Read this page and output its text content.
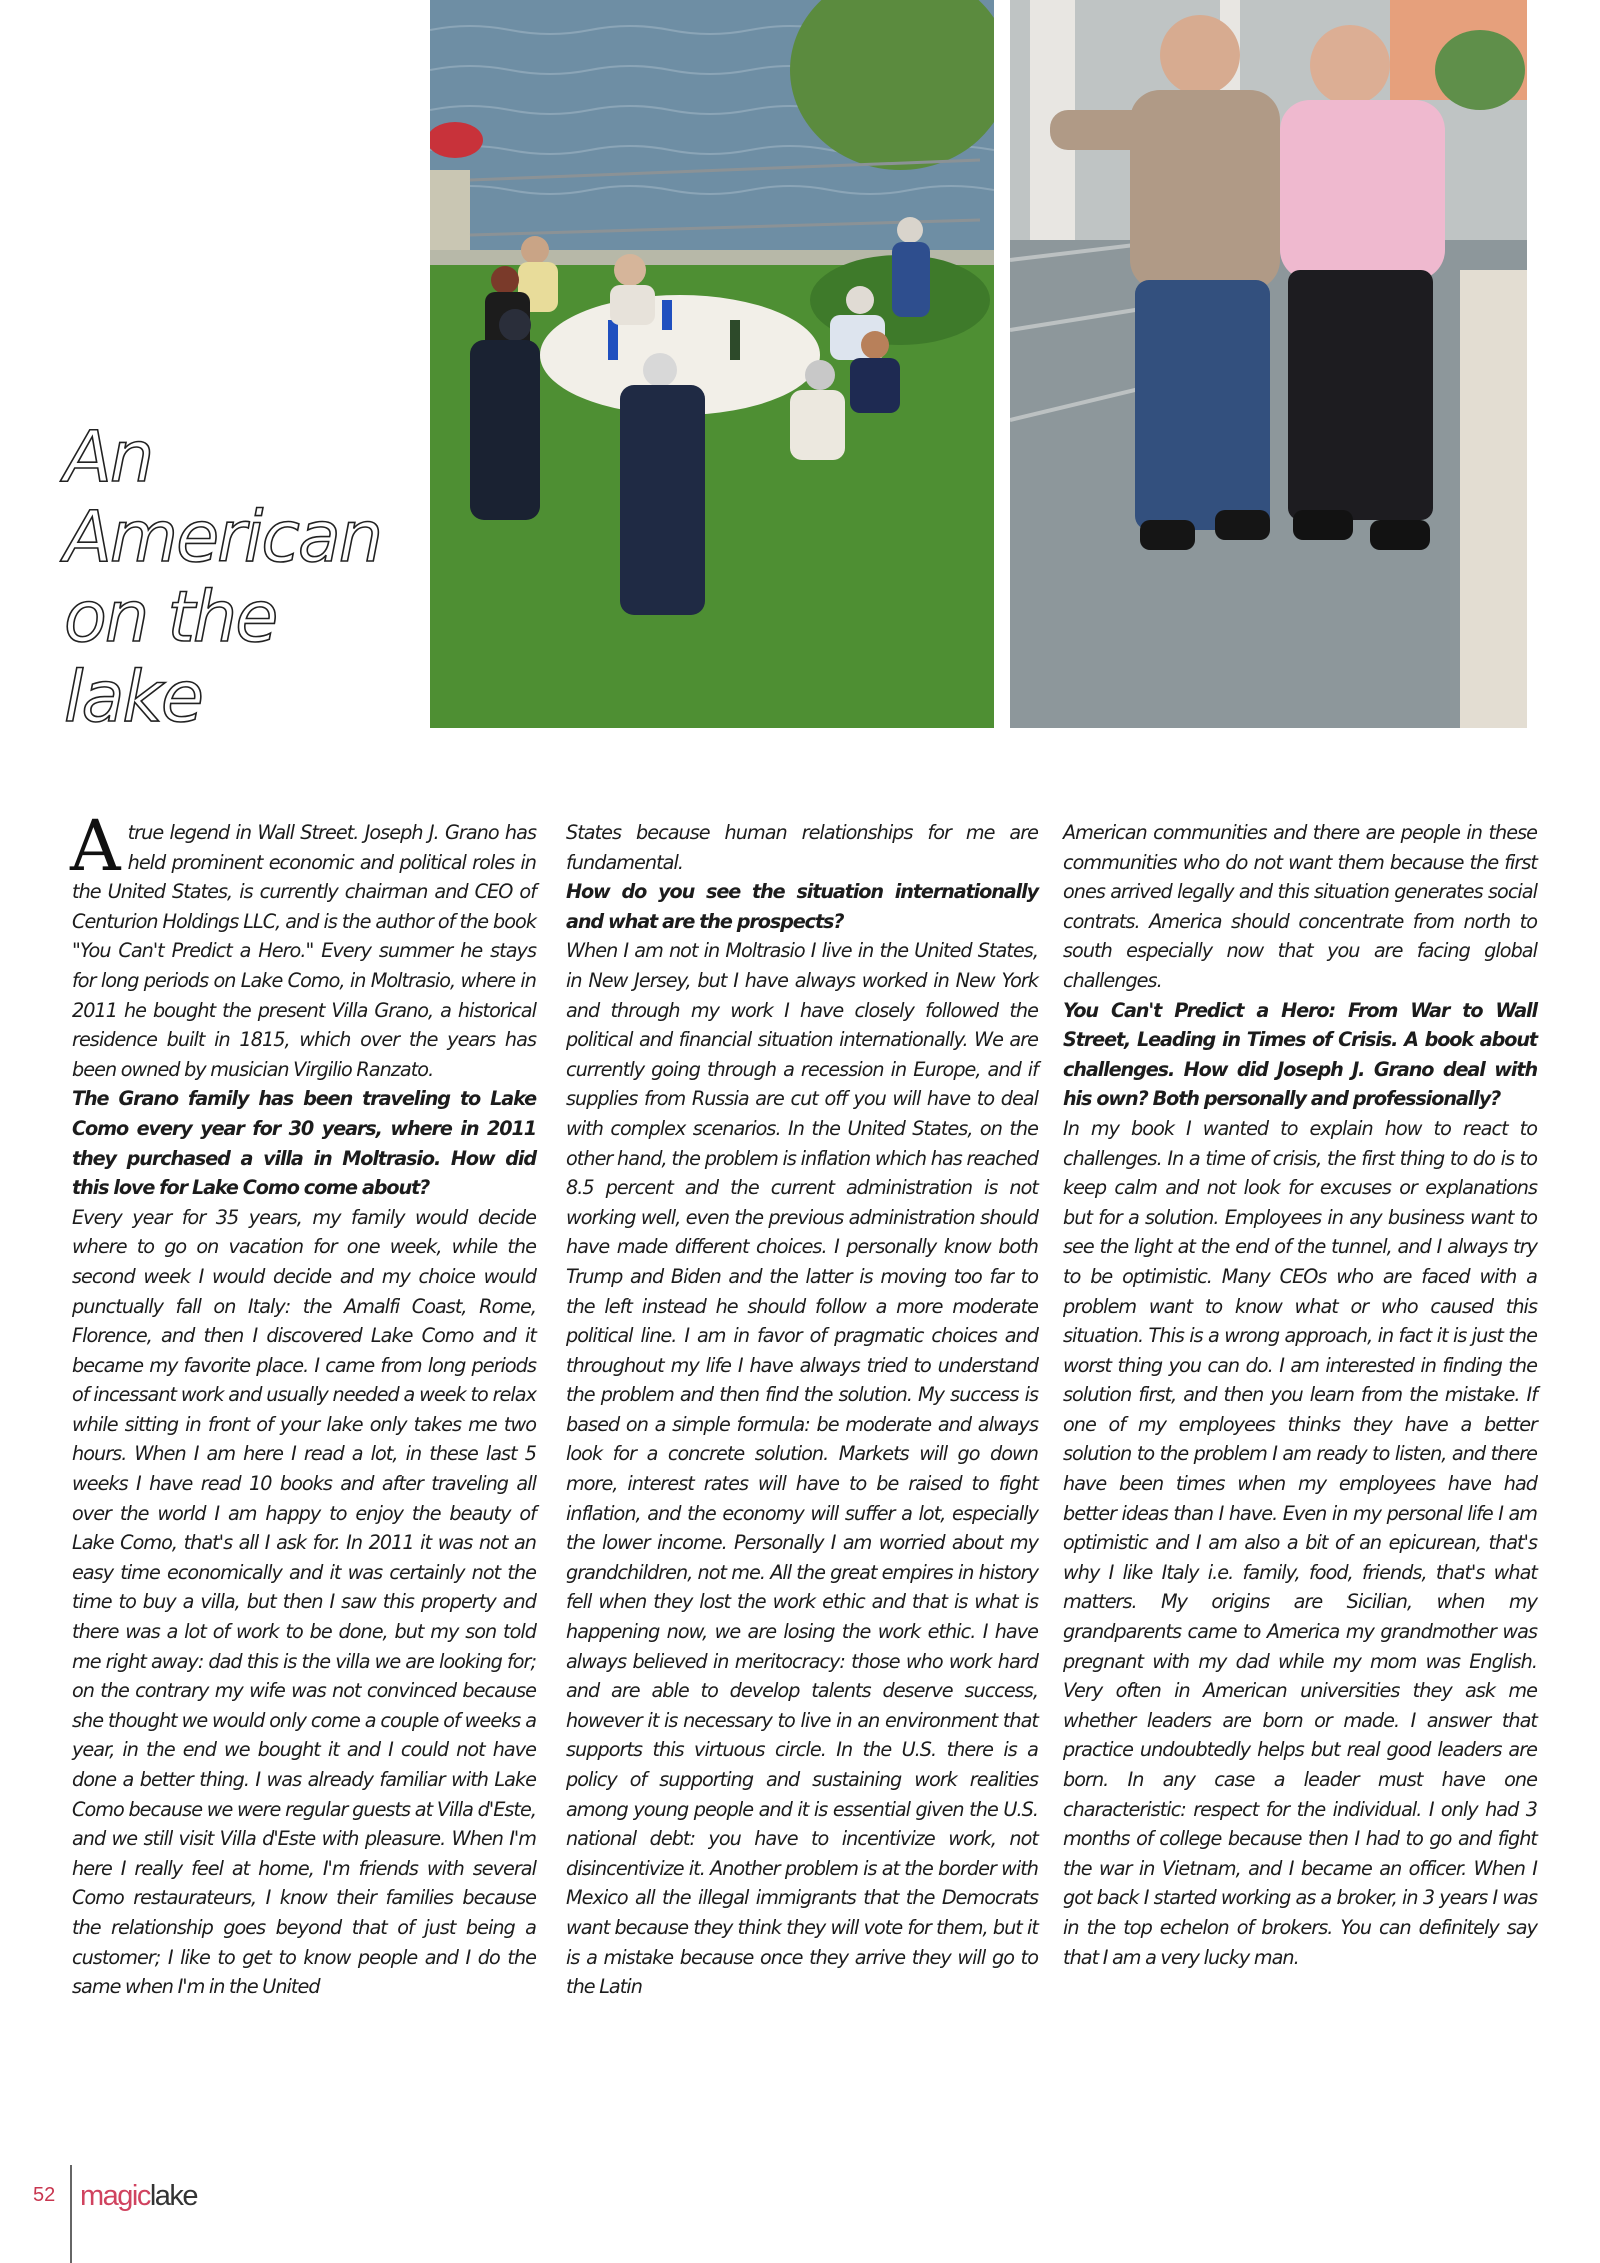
An
American
on the
lake

A true legend in Wall Street. Joseph J. Grano has held prominent economic and political roles in the United States, is currently chairman and CEO of Centurion Holdings LLC, and is the author of the book "You Can't Predict a Hero." Every summer he stays for long periods on Lake Como, in Moltrasio, where in 2011 he bought the present Villa Grano, a historical residence built in 1815, which over the years has been owned by musician Virgilio Ranzato.

The Grano family has been traveling to Lake Como every year for 30 years, where in 2011 they purchased a villa in Moltrasio. How did this love for Lake Como come about?

Every year for 35 years, my family would decide where to go on vacation for one week, while the second week I would decide and my choice would punctually fall on Italy: the Amalfi Coast, Rome, Florence, and then I discovered Lake Como and it became my favorite place. I came from long periods of incessant work and usually needed a week to relax while sitting in front of your lake only takes me two hours. When I am here I read a lot, in these last 5 weeks I have read 10 books and after traveling all over the world I am happy to enjoy the beauty of Lake Como, that's all I ask for. In 2011 it was not an easy time economically and it was certainly not the time to buy a villa, but then I saw this property and there was a lot of work to be done, but my son told me right away: dad this is the villa we are looking for; on the contrary my wife was not convinced because she thought we would only come a couple of weeks a year, in the end we bought it and I could not have done a better thing. I was already familiar with Lake Como because we were regular guests at Villa d'Este, and we still visit Villa d'Este with pleasure. When I'm here I really feel at home, I'm friends with several Como restaurateurs, I know their families because the relationship goes beyond that of just being a customer; I like to get to know people and I do the same when I'm in the United

States because human relationships for me are fundamental.

How do you see the situation internationally and what are the prospects?

When I am not in Moltrasio I live in the United States, in New Jersey, but I have always worked in New York and through my work I have closely followed the political and financial situation internationally. We are currently going through a recession in Europe, and if supplies from Russia are cut off you will have to deal with complex scenarios. In the United States, on the other hand, the problem is inflation which has reached 8.5 percent and the current administration is not working well, even the previous administration should have made different choices. I personally know both Trump and Biden and the latter is moving too far to the left instead he should follow a more moderate political line. I am in favor of pragmatic choices and throughout my life I have always tried to understand the problem and then find the solution. My success is based on a simple formula: be moderate and always look for a concrete solution. Markets will go down more, interest rates will have to be raised to fight inflation, and the economy will suffer a lot, especially the lower income. Personally I am worried about my grandchildren, not me. All the great empires in history fell when they lost the work ethic and that is what is happening now, we are losing the work ethic. I have always believed in meritocracy: those who work hard and are able to develop talents deserve success, however it is necessary to live in an environment that supports this virtuous circle. In the U.S. there is a policy of supporting and sustaining work realities among young people and it is essential given the U.S. national debt: you have to incentivize work, not disincentivize it. Another problem is at the border with Mexico all the illegal immigrants that the Democrats want because they think they will vote for them, but it is a mistake because once they arrive they will go to the Latin

American communities and there are people in these communities who do not want them because the first ones arrived legally and this situation generates social contrats. America should concentrate from north to south especially now that you are facing global challenges.

You Can't Predict a Hero: From War to Wall Street, Leading in Times of Crisis. A book about challenges. How did Joseph J. Grano deal with his own? Both personally and professionally?

In my book I wanted to explain how to react to challenges. In a time of crisis, the first thing to do is to keep calm and not look for excuses or explanations but for a solution. Employees in any business want to see the light at the end of the tunnel, and I always try to be optimistic. Many CEOs who are faced with a problem want to know what or who caused this situation. This is a wrong approach, in fact it is just the worst thing you can do. I am interested in finding the solution first, and then you learn from the mistake. If one of my employees thinks they have a better solution to the problem I am ready to listen, and there have been times when my employees have had better ideas than I have. Even in my personal life I am optimistic and I am also a bit of an epicurean, that's why I like Italy i.e. family, food, friends, that's what matters. My origins are Sicilian, when my grandparents came to America my grandmother was pregnant with my dad while my mom was English. Very often in American universities they ask me whether leaders are born or made. I answer that practice undoubtedly helps but real good leaders are born. In any case a leader must have one characteristic: respect for the individual. I only had 3 months of college because then I had to go and fight the war in Vietnam, and I became an officer. When I got back I started working as a broker, in 3 years I was in the top echelon of brokers. You can definitely say that I am a very lucky man.

52 magiclake
